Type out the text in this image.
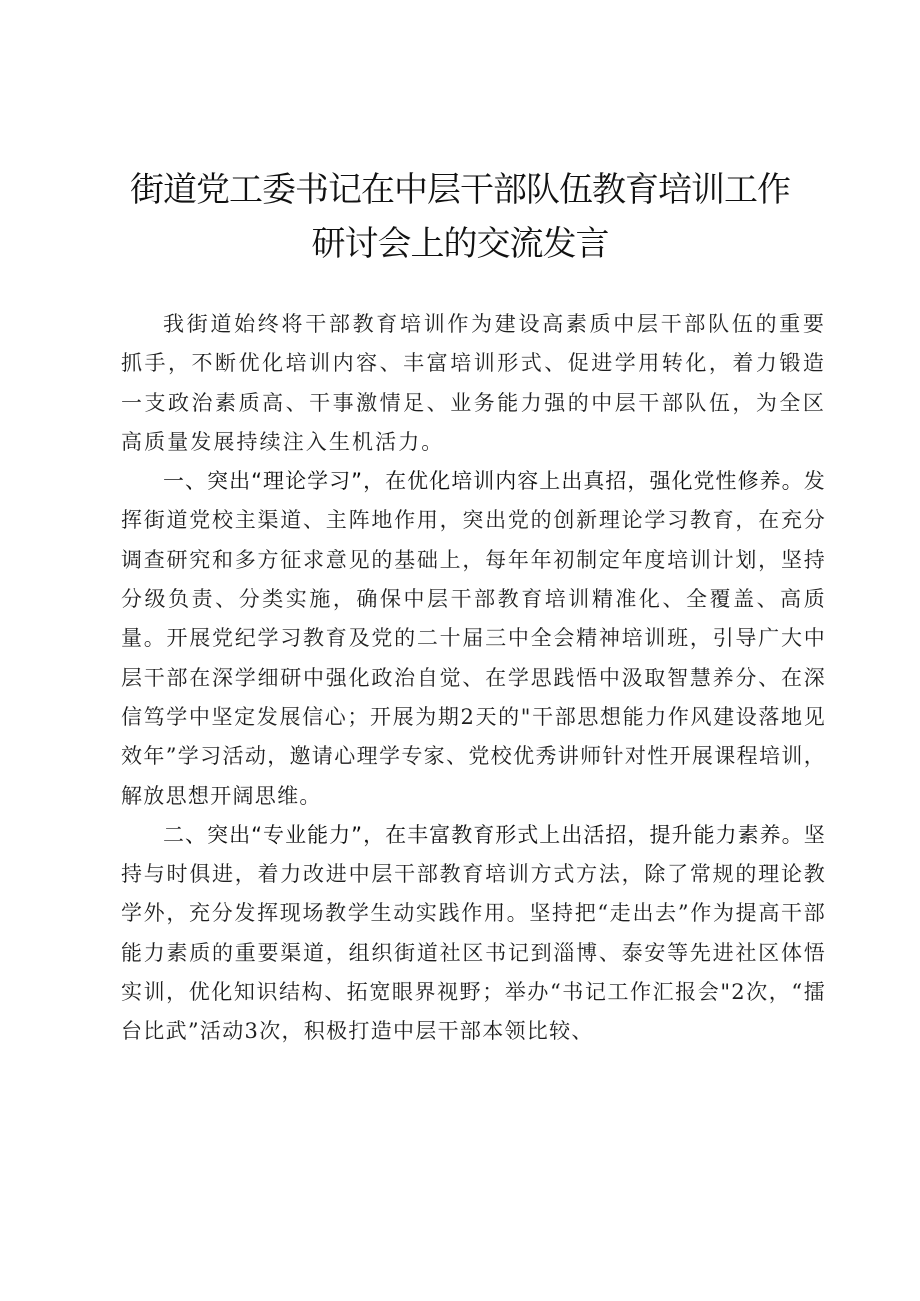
街道党工委书记在中层干部队伍教育培训工作
研讨会上的交流发言

我街道始终将干部教育培训作为建设高素质中层干部队伍的重要抓手，不断优化培训内容、丰富培训形式、促进学用转化，着力锻造一支政治素质高、干事激情足、业务能力强的中层干部队伍，为全区高质量发展持续注入生机活力。

一、突出“理论学习”，在优化培训内容上出真招，强化党性修养。发挥街道党校主渠道、主阵地作用，突出党的创新理论学习教育，在充分调查研究和多方征求意见的基础上，每年年初制定年度培训计划，坚持分级负责、分类实施，确保中层干部教育培训精准化、全覆盖、高质量。开展党纪学习教育及党的二十届三中全会精神培训班，引导广大中层干部在深学细研中强化政治自觉、在学思践悟中汲取智慧养分、在深信笃学中坚定发展信心；开展为期2天的"干部思想能力作风建设落地见效年”学习活动，邀请心理学专家、党校优秀讲师针对性开展课程培训，解放思想开阔思维。

二、突出“专业能力”，在丰富教育形式上出活招，提升能力素养。坚持与时俱进，着力改进中层干部教育培训方式方法，除了常规的理论教学外，充分发挥现场教学生动实践作用。坚持把“走出去”作为提高干部能力素质的重要渠道，组织街道社区书记到淄博、泰安等先进社区体悟实训，优化知识结构、拓宽眼界视野；举办“书记工作汇报会"2次，“擂台比武”活动3次，积极打造中层干部本领比较、
